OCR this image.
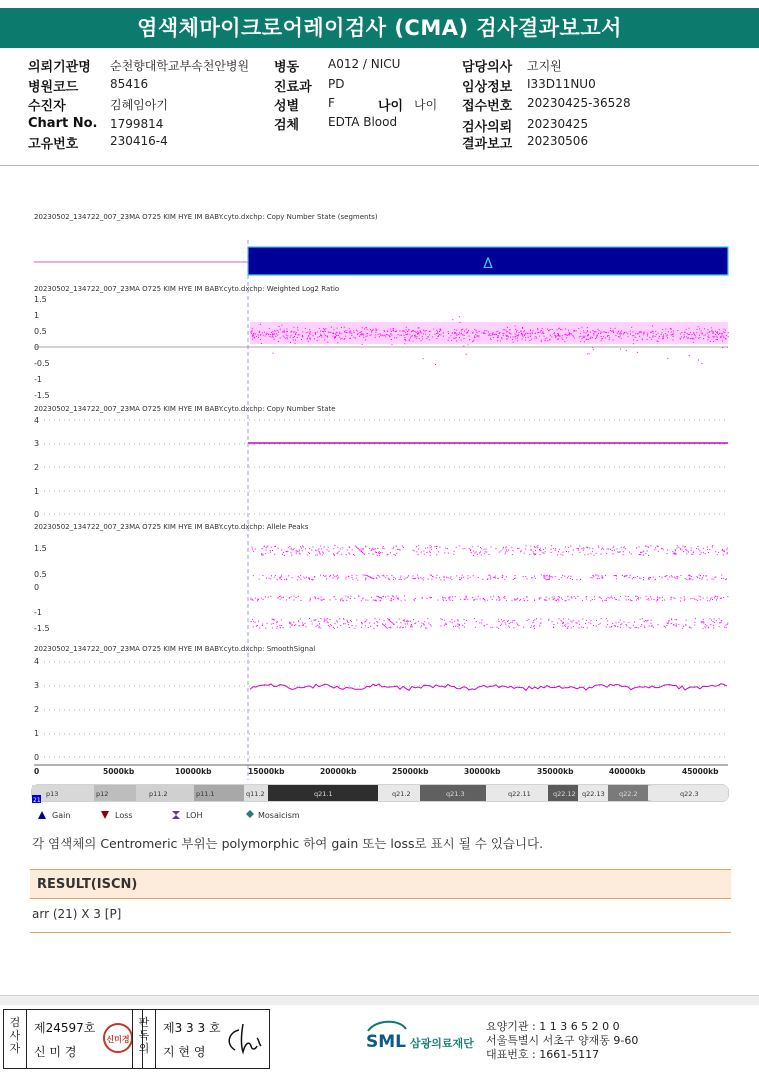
염색체마이크로어레이검사 (CMA) 검사결과보고서
의뢰기관명 순천향대학교부속천안병원
병원코드	85416
수진자	김혜임아기
Chart No. 1799814
고유번호	230416-4
병동 A012 / NICU
진료과 PD
성별 F	나이 나이
검체 EDTA Blood
담당의사 고지원
임상정보 I33D11NU0
접수번호 20230425-36528
검사의뢰 20230425
결과보고 20230506
20230502_134722_007_23MA O725 KIM HYE IM BABY.cyto.dxchp: Copy Number State (segments)
Δ
20230502_134722_007_23MA O725 KIM HYE IM BABY.cyto.dxchp: Weighted Log2 Ratio
1.5
1
0.5
0
-0.5
-1
-1.5
20230502_134722_007_23MA O725 KIM HYE IM BABY.cyto.dxchp: Copy Number State
4
3
2
1
0
20230502_134722_007_23MA O725 KIM HYE IM BABY.cyto.dxchp: Allele Peaks
1.5
0.5
0
-1
-1.5
20230502_134722_007_23MA O725 KIM HYE IM BABY.cyto.dxchp: SmoothSignal
4
3
2
1
0
0	5000kb	10000kb	15000kb	20000kb	25000kb	30000kb	35000kb	40000kb	45000kb
21
p13	p12	p11.2	p11.1	q11.2	q21.1	q21.2	q21.3	q22.11	q22.12 q22.13 q22.2	q22.3
Gain	Loss	LOH	Mosaicism
각 염색체의 Centromeric 부위는 polymorphic 하여 gain 또는 loss로 표시 될 수 있습니다.
RESULT(ISCN)
arr (21) X 3 [P]
검
사
자
제24597호
신 미 경
신미경
판
독
의
제3 3 3 호
지 현 영	SML 삼광의료재단
요양기관 : 1 1 3 6 5 2 0 0
서울특별시 서초구 양재동 9-60
대표번호 : 1661-5117
